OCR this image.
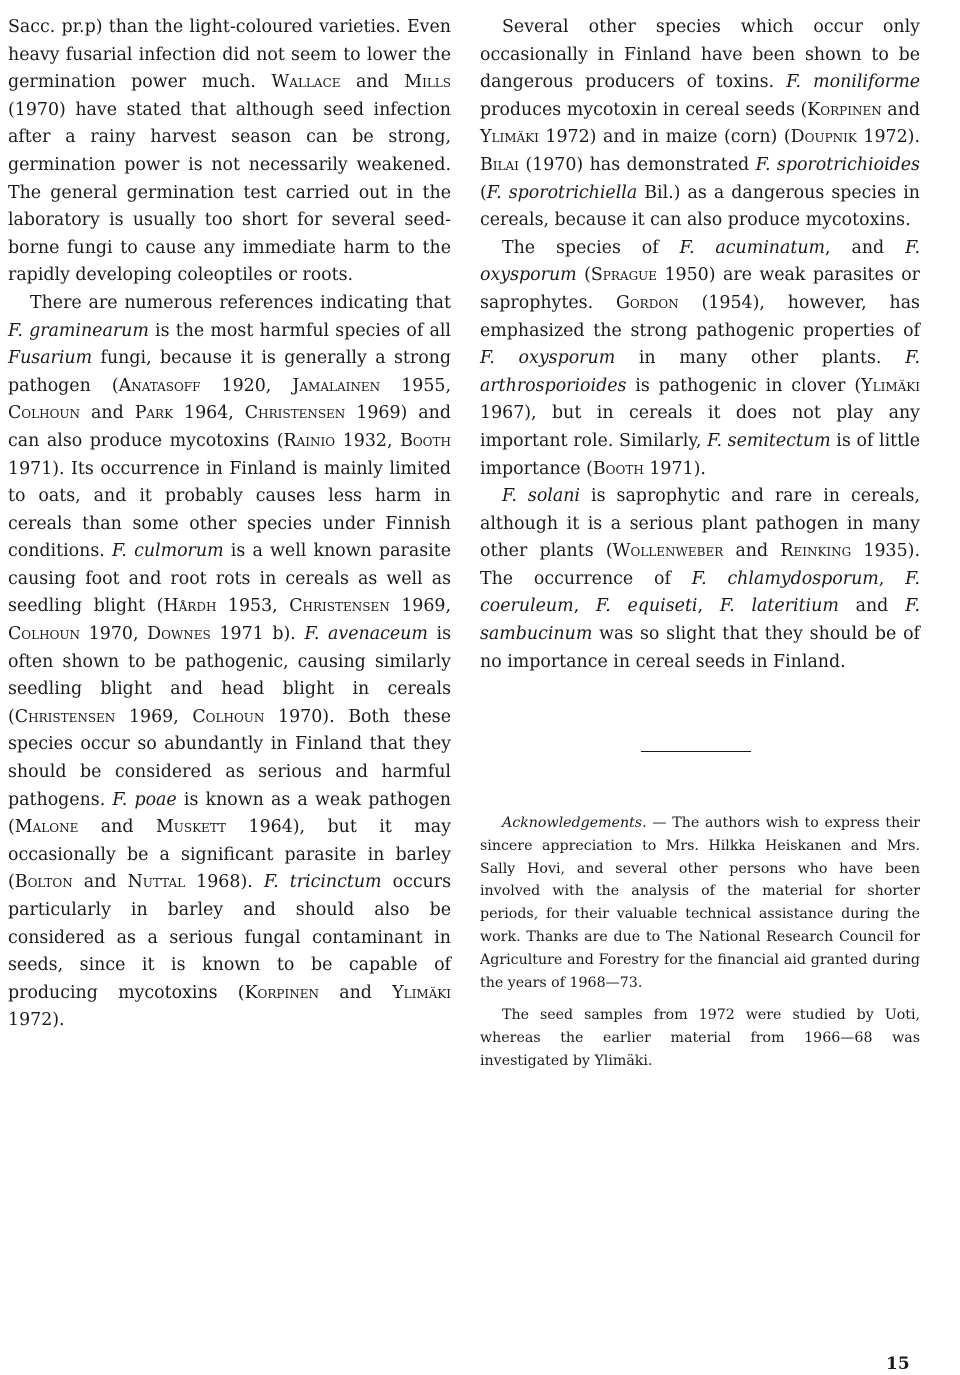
Sacc. pr.p) than the light-coloured varieties. Even heavy fusarial infection did not seem to lower the germination power much. Wallace and Mills (1970) have stated that although seed infection after a rainy harvest season can be strong, germination power is not necessarily weakened. The general germination test carried out in the laboratory is usually too short for several seed-borne fungi to cause any immediate harm to the rapidly developing coleoptiles or roots.

There are numerous references indicating that F. graminearum is the most harmful species of all Fusarium fungi, because it is generally a strong pathogen (Anatasoff 1920, Jamalainen 1955, Colhoun and Park 1964, Christensen 1969) and can also produce mycotoxins (Rainio 1932, Booth 1971). Its occurrence in Finland is mainly limited to oats, and it probably causes less harm in cereals than some other species under Finnish conditions. F. culmorum is a well known parasite causing foot and root rots in cereals as well as seedling blight (Hårdh 1953, Christensen 1969, Colhoun 1970, Downes 1971 b). F. avenaceum is often shown to be pathogenic, causing similarly seedling blight and head blight in cereals (Christensen 1969, Colhoun 1970). Both these species occur so abundantly in Finland that they should be considered as serious and harmful pathogens. F. poae is known as a weak pathogen (Malone and Muskett 1964), but it may occasionally be a significant parasite in barley (Bolton and Nuttal 1968). F. tricinctum occurs particularly in barley and should also be considered as a serious fungal contaminant in seeds, since it is known to be capable of producing mycotoxins (Korpinen and Ylimäki 1972).

Several other species which occur only occasionally in Finland have been shown to be dangerous producers of toxins. F. moniliforme produces mycotoxin in cereal seeds (Korpinen and Ylimäki 1972) and in maize (corn) (Doupnik 1972). Bilai (1970) has demonstrated F. sporotrichioides (F. sporotrichiella Bil.) as a dangerous species in cereals, because it can also produce mycotoxins.

The species of F. acuminatum, and F. oxysporum (Sprague 1950) are weak parasites or saprophytes. Gordon (1954), however, has emphasized the strong pathogenic properties of F. oxysporum in many other plants. F. arthrosporioides is pathogenic in clover (Ylimäki 1967), but in cereals it does not play any important role. Similarly, F. semitectum is of little importance (Booth 1971).

F. solani is saprophytic and rare in cereals, although it is a serious plant pathogen in many other plants (Wollenweber and Reinking 1935). The occurrence of F. chlamydosporum, F. coeruleum, F. equiseti, F. lateritium and F. sambucinum was so slight that they should be of no importance in cereal seeds in Finland.

Acknowledgements. — The authors wish to express their sincere appreciation to Mrs. Hilkka Heiskanen and Mrs. Sally Hovi, and several other persons who have been involved with the analysis of the material for shorter periods, for their valuable technical assistance during the work. Thanks are due to The National Research Council for Agriculture and Forestry for the financial aid granted during the years of 1968—73.

The seed samples from 1972 were studied by Uoti, whereas the earlier material from 1966—68 was investigated by Ylimäki.

15
